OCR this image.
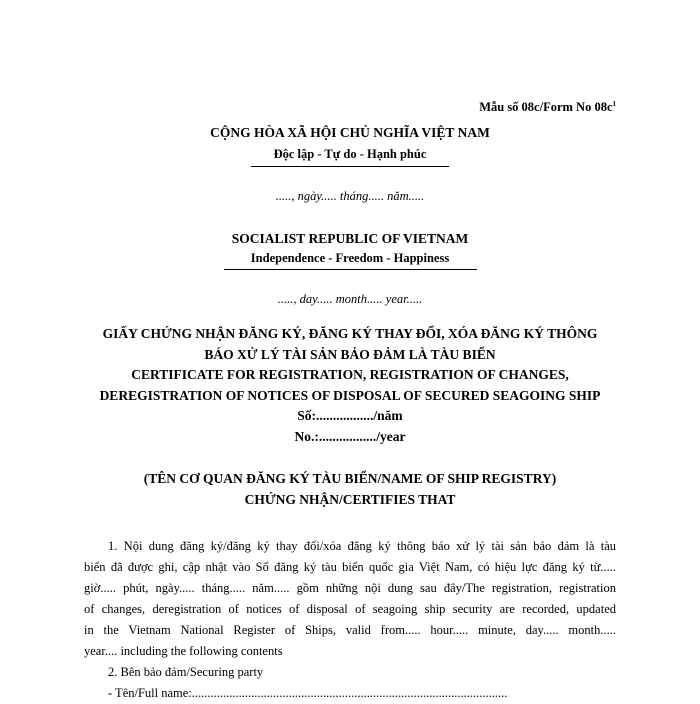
Mẫu số 08c/Form No $08c^1$
CỘNG HÒA XÃ HỘI CHỦ NGHĨA VIỆT NAM
Độc lập - Tự do - Hạnh phúc
....., ngày..... tháng..... năm.....
SOCIALIST REPUBLIC OF VIETNAM
Independence - Freedom - Happiness
....., day..... month..... year.....
GIẤY CHỨNG NHẬN ĐĂNG KÝ, ĐĂNG KÝ THAY ĐỔI, XÓA ĐĂNG KÝ THÔNG
BÁO XỬ LÝ TÀI SẢN BẢO ĐẢM LÀ TÀU BIỂN
CERTIFICATE FOR REGISTRATION, REGISTRATION OF CHANGES,
DEREGISTRATION OF NOTICES OF DISPOSAL OF SECURED SEAGOING SHIP
Số:................./năm
No.:................./year
(TÊN CƠ QUAN ĐĂNG KÝ TÀU BIỂN/NAME OF SHIP REGISTRY)
CHỨNG NHẬN/CERTIFIES THAT
1. Nội dung đăng ký/đăng ký thay đổi/xóa đăng ký thông báo xử lý tài sản bảo đảm là tàu
biển đã được ghi, cập nhật vào Sổ đăng ký tàu biển quốc gia Việt Nam, có hiệu lực đăng ký từ.....
giờ..... phút, ngày..... tháng..... năm..... gồm những nội dung sau đây/The registration, registration
of changes, deregistration of notices of disposal of seagoing ship security are recorded, updated
in the Vietnam National Register of Ships, valid from..... hour..... minute, day..... month.....
year.... including the following contents
2. Bên bảo đảm/Securing party
- Tên/Full name:.....................................................................................................
